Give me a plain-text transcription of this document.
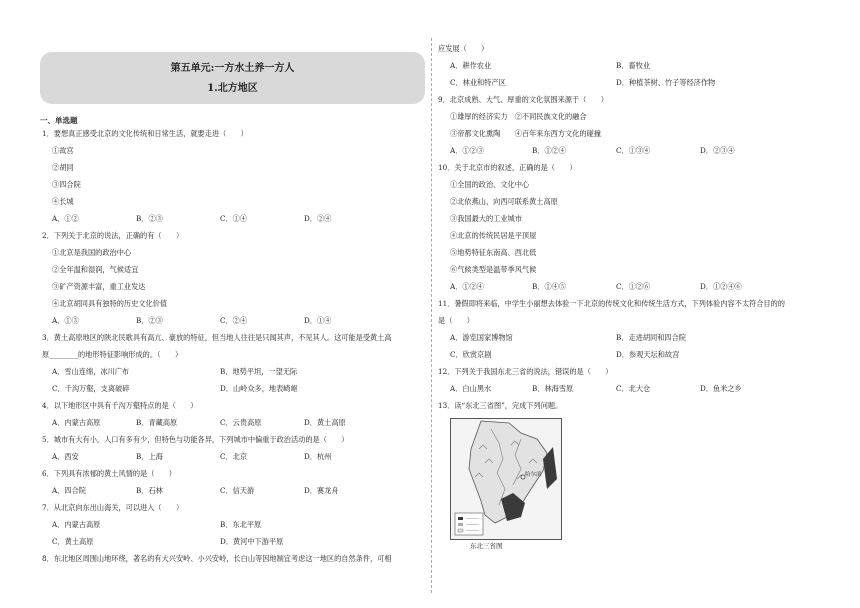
第五单元:一方水土养一方人
1.北方地区
一、单选题
1．要想真正感受北京的文化传统和日常生活，就要走进（　　）
①故宫
②胡同
③四合院
④长城
A．①②	B．②③	C．①④	D．②④
2．下列关于北京的说法，正确的有（　　）
①北京是我国的政治中心
②全年温和湿润，气候适宜
③矿产资源丰富，重工业发达
④北京胡同具有独特的历史文化价值
A．①③	B．②③	C．②④	D．①④
3．黄土高原地区的陕北民歌具有高亢、豪放的特征，但当地人往往是只闻其声，不见其人。这可能是受黄土高
原________的地形特征影响形成的。（　　）
A．雪山连绵，冰川广布	B．地势平坦，一望无际
C．千沟万壑，支离破碎	D．山岭众多，地表崎岖
4．以下地形区中具有千沟万壑特点的是（　　）
A．内蒙古高原	B．青藏高原	C．云贵高原	D．黄土高原
5．城市有大有小，人口有多有少，但特色与功能各异，下列城市中偏重于政治活动的是（　　）
A．西安	B．上海	C．北京	D．杭州
6．下列具有浓郁的黄土风情的是（　　）
A．四合院	B．石林	C．信天游	D．赛龙舟
7．从北京向东出山海关，可以进入（　　）
A．内蒙古高原	B．东北平原
C．黄土高原	D．黄河中下游平原
8．东北地区周围山地环绕，著名的有大兴安岭、小兴安岭，长白山等因地制宜考虑这一地区的自然条件，可相
应发展（　　）
A．耕作农业	B．畜牧业
C．林业和特产区	D．种植茶树、竹子等经济作物
9．北京成熟、大气、厚重的文化氛围来源于（　　）
①雄厚的经济实力　②不同民族文化的融合
③帝都文化熏陶　　④百年来东西方文化的碰撞
A．①②③	B．①②④	C．①③④	D．②③④
10．关于北京市的叙述，正确的是（　　）
①全国的政治、文化中心
②北依燕山，向西可联系黄土高原
③我国最大的工业城市
④北京的传统民居是平顶屋
⑤地势特征东南高、西北低
⑥气候类型是温带季风气候
A．①②④	B．①④⑤	C．①②⑥	D．①②④⑥
11．暑假即将来临，中学生小丽想去体验一下北京的传统文化和传统生活方式，下列体验内容不太符合目的的
是（　　）
A．游览国家博物馆	B．走进胡同和四合院
C．欣赏京剧	D．参观天坛和故宫
12．下列关于我国东北三省的说法，错误的是（　　）
A．白山黑水	B．林海雪原	C．北大仓	D．鱼米之乡
13．读“东北三省图”，完成下列问题。
哈尔滨
东北三省图
